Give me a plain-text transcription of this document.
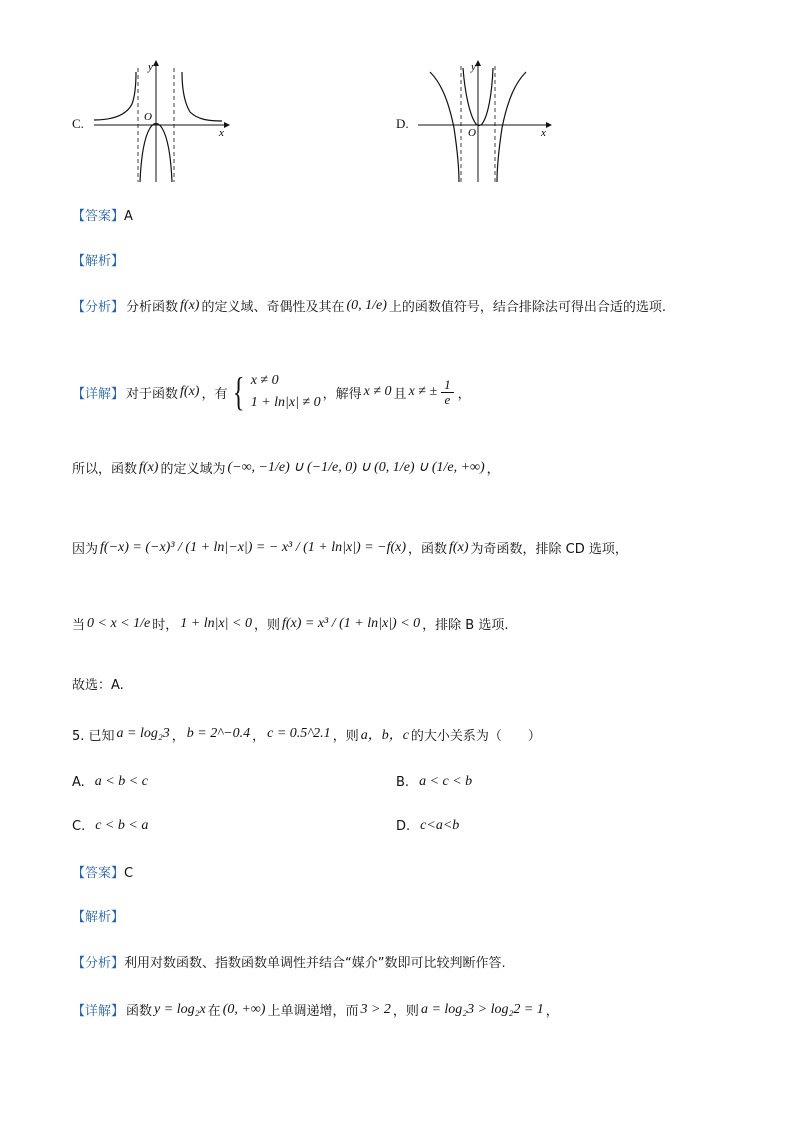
C.
y
x
O	D.
y
x
O
【答案】A
【解析】
【分析】 分析函数 f(x) 的定义域、奇偶性及其在 (0, 1/e) 上的函数值符号，结合排除法可得出合适的选项.
【详解】 对于函数 f(x) ，有 { x ≠ 0
1 + ln|x| ≠ 0
，解得 x ≠ 0 且 x ≠ ± $\frac{1}{e}$ ，
所以，函数 f(x) 的定义域为 (−∞, −1/e) ∪ (−1/e, 0) ∪ (0, 1/e) ∪ (1/e, +∞) ，
因为 f(−x) = (−x)³ / (1 + ln|−x|) = − x³ / (1 + ln|x|) = −f(x) ，函数 f(x) 为奇函数，排除 CD 选项，
当 0 < x < 1/e 时， 1 + ln|x| < 0 ，则 f(x) = x³ / (1 + ln|x|) < 0 ，排除 B 选项.
故选：A.
5. 已知 a = log₂3 ， b = 2^−0.4 ， c = 0.5^2.1 ，则 a，b，c 的大小关系为（　　）
A. a < b < c	B. a < c < b
C. c < b < a	D. c<a<b
【答案】C
【解析】
【分析】利用对数函数、指数函数单调性并结合“媒介”数即可比较判断作答.
【详解】 函数 y = log₂x 在 (0, +∞) 上单调递增，而 3 > 2 ，则 a = log₂3 > log₂2 = 1 ，
